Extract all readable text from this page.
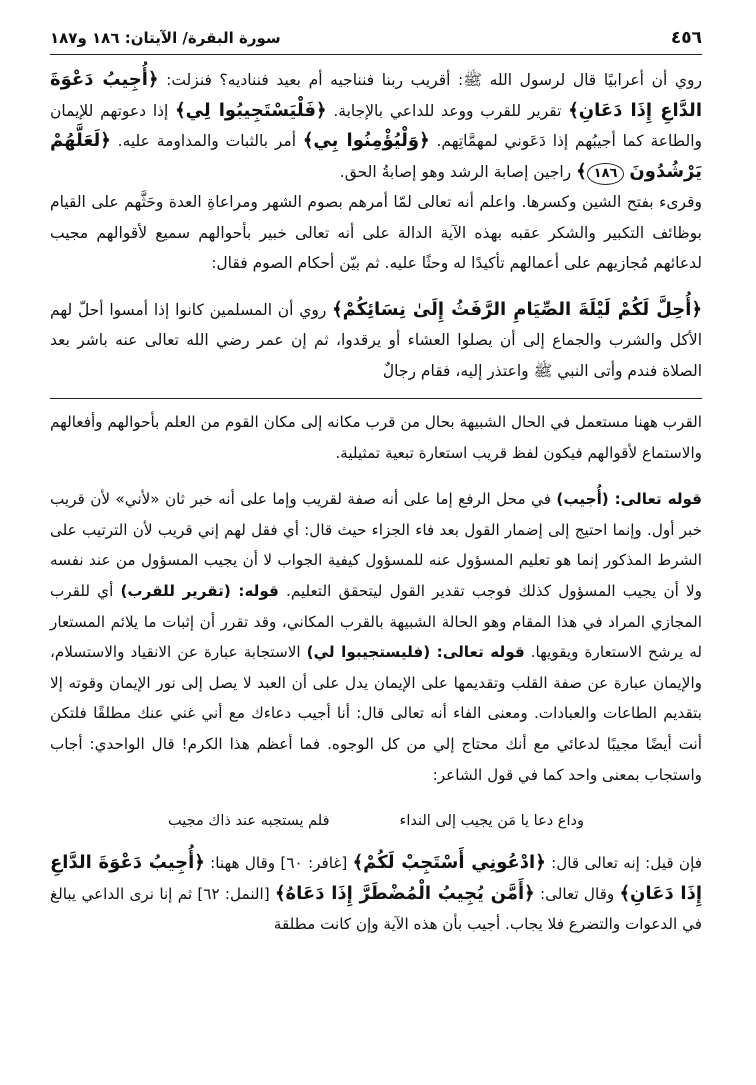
٤٥٦
سورة البقرة/ الآيتان: ١٨٦ و١٨٧

روي أن أعرابيًا قال لرسول الله ﷺ: أقريب ربنا فنناجيه أم بعيد فنناديه؟ فنزلت: ﴿أُجِيبُ دَعْوَةَ الدَّاعِ إِذَا دَعَانِ﴾ تقرير للقرب ووعد للداعي بالإجابة. ﴿فَلْيَسْتَجِيبُوا لِي﴾ إذا دعوتهم للإيمان والطاعة كما أجيبُهم إذا دَعَوني لمهمَّاتِهم. ﴿وَلْيُؤْمِنُوا بِي﴾ أمر بالثبات والمداومة عليه. ﴿لَعَلَّهُمْ يَرْشُدُونَ ١٨٦﴾ راجين إصابة الرشد وهو إصابةُ الحق.

وقرىء بفتح الشين وكسرها. واعلم أنه تعالى لمّا أمرهم بصوم الشهر ومراعاةِ العدة وحَثَّهم على القيام بوظائف التكبير والشكر عقبه بهذه الآية الدالة على أنه تعالى خبير بأحوالهم سميع لأقوالهم مجيب لدعائهم مُجازيهم على أعمالهم تأكيدًا له وحثًا عليه. ثم بيّن أحكام الصوم فقال:

﴿أُحِلَّ لَكُمْ لَيْلَةَ الصِّيَامِ الرَّفَثُ إِلَىٰ نِسَائِكُمْ﴾ روي أن المسلمين كانوا إذا أمسوا أحلّ لهم الأكل والشرب والجماع إلى أن يصلوا العشاء أو يرقدوا، ثم إن عمر رضي الله تعالى عنه باشر بعد الصلاة فندم وأتى النبي ﷺ واعتذر إليه، فقام رجالٌ

القرب ههنا مستعمل في الحال الشبيهة بحال من قرب مكانه إلى مكان القوم من العلم بأحوالهم وأفعالهم والاستماع لأقوالهم فيكون لفظ قريب استعارة تبعية تمثيلية.

قوله تعالى: (أُجيب) في محل الرفع إما على أنه صفة لقريب وإما على أنه خبر ثان «لأني» لأن قريب خبر أول. وإنما احتيج إلى إضمار القول بعد فاء الجزاء حيث قال: أي فقل لهم إني قريب لأن الترتيب على الشرط المذكور إنما هو تعليم المسؤول عنه للمسؤول كيفية الجواب لا أن يجيب المسؤول من عند نفسه ولا أن يجيب المسؤول كذلك فوجب تقدير القول ليتحقق التعليم. قوله: (تقرير للقرب) أي للقرب المجازي المراد في هذا المقام وهو الحالة الشبيهة بالقرب المكاني، وقد تقرر أن إثبات ما يلائم المستعار له يرشح الاستعارة ويقويها. قوله تعالى: (فليستجيبوا لي) الاستجابة عبارة عن الانقياد والاستسلام، والإيمان عبارة عن صفة القلب وتقديمها على الإيمان يدل على أن العبد لا يصل إلى نور الإيمان وقوته إلا بتقديم الطاعات والعبادات. ومعنى الفاء أنه تعالى قال: أنا أجيب دعاءك مع أني غني عنك مطلقًا فلتكن أنت أيضًا مجيبًا لدعائي مع أنك محتاج إلي من كل الوجوه. فما أعظم هذا الكرم! قال الواحدي: أجاب واستجاب بمعنى واحد كما في قول الشاعر:

وداع دعا يا مَن يجيب إلى النداء
فلم يستجبه عند ذاك مجيب

فإن قيل: إنه تعالى قال: ﴿ادْعُونِي أَسْتَجِبْ لَكُمْ﴾ [غافر: ٦٠] وقال ههنا: ﴿أُجِيبُ دَعْوَةَ الدَّاعِ إِذَا دَعَانِ﴾ وقال تعالى: ﴿أَمَّن يُجِيبُ الْمُضْطَرَّ إِذَا دَعَاهُ﴾ [النمل: ٦٢] ثم إنا نرى الداعي يبالغ في الدعوات والتضرع فلا يجاب. أجيب بأن هذه الآية وإن كانت مطلقة
